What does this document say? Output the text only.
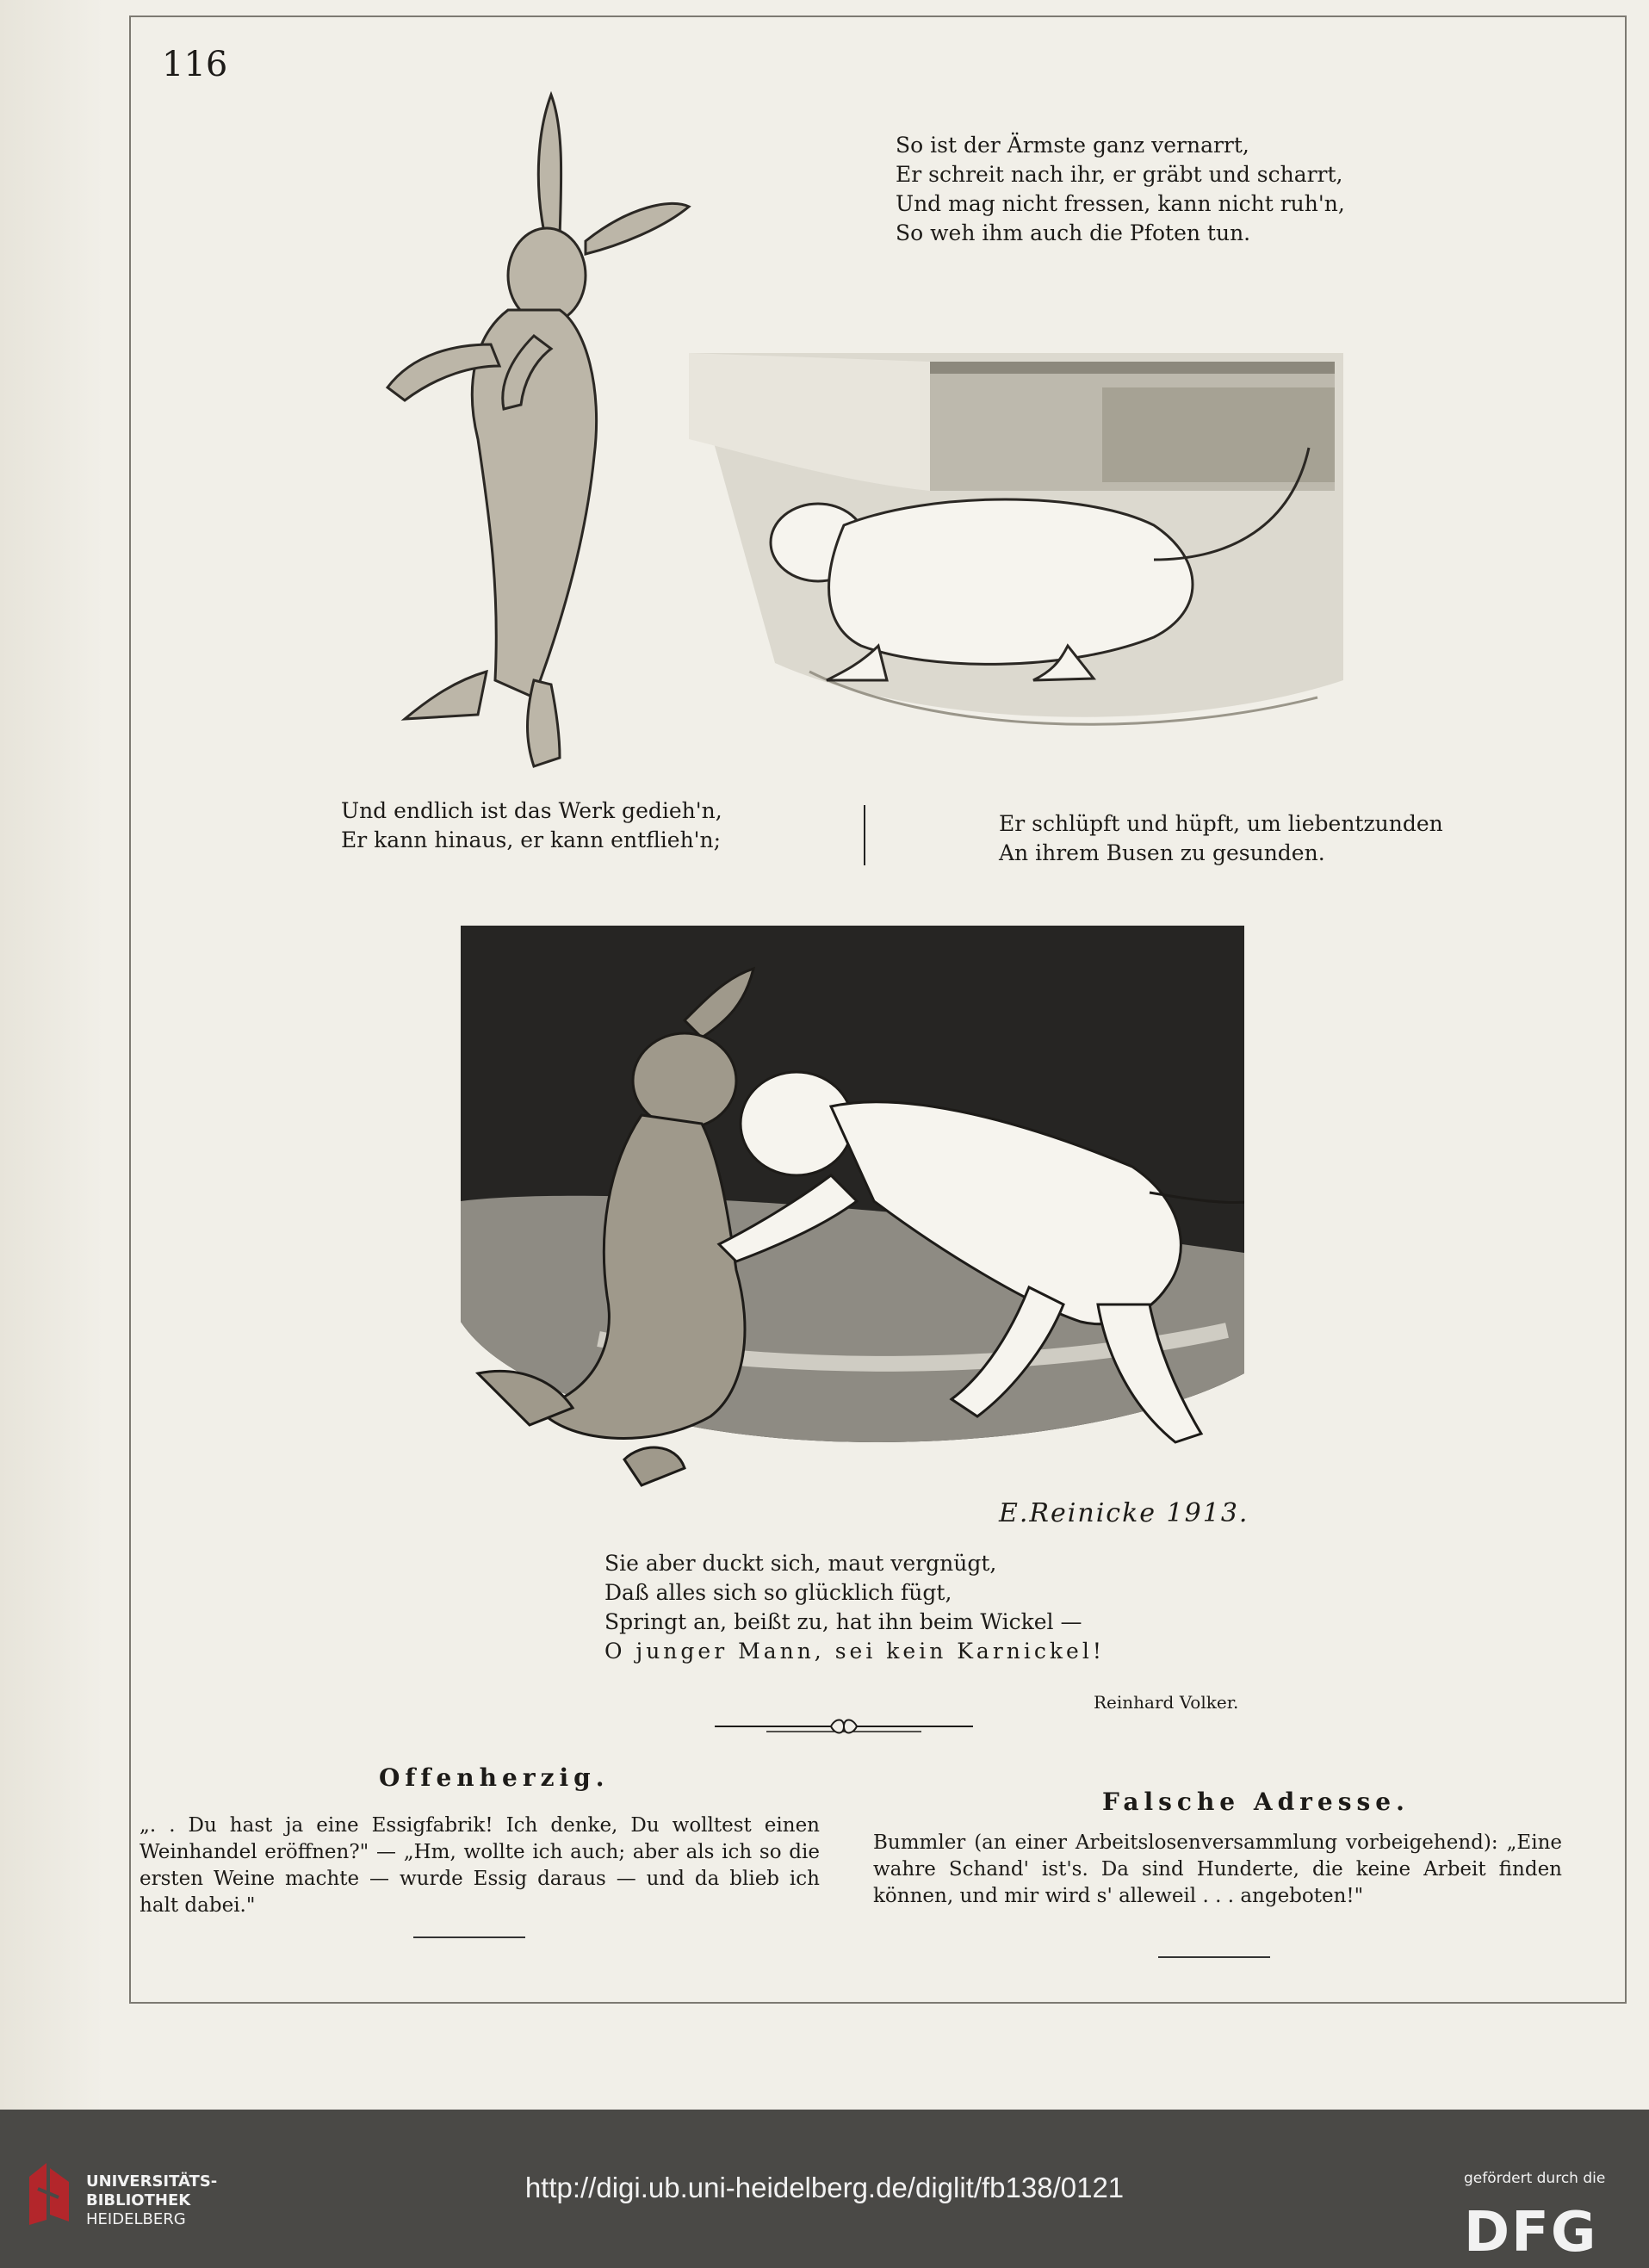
116
So ist der Ärmste ganz vernarrt,
Er schreit nach ihr, er gräbt und scharrt,
Und mag nicht fressen, kann nicht ruh'n,
So weh ihm auch die Pfoten tun.
Und endlich ist das Werk gedieh'n,
Er kann hinaus, er kann entflieh'n;
Er schlüpft und hüpft, um liebentzunden
An ihrem Busen zu gesunden.
E.Reinicke 1913.
Sie aber duckt sich, maut vergnügt,
Daß alles sich so glücklich fügt,
Springt an, beißt zu, hat ihn beim Wickel —
O junger Mann, sei kein Karnickel!
Reinhard Volker.
Offenherzig.
„. . Du hast ja eine Essigfabrik! Ich denke, Du wolltest einen Weinhandel eröffnen?" — „Hm, wollte ich auch; aber als ich so die ersten Weine machte — wurde Essig daraus — und da blieb ich halt dabei."
Falsche Adresse.
Bummler (an einer Arbeitslosenversammlung vorbeigehend): „Eine wahre Schand' ist's. Da sind Hunderte, die keine Arbeit finden können, und mir wird s' alleweil . . . angeboten!"
UNIVERSITÄTS-
BIBLIOTHEK
HEIDELBERG
http://digi.ub.uni-heidelberg.de/diglit/fb138/0121	gefördert durch die
DFG
